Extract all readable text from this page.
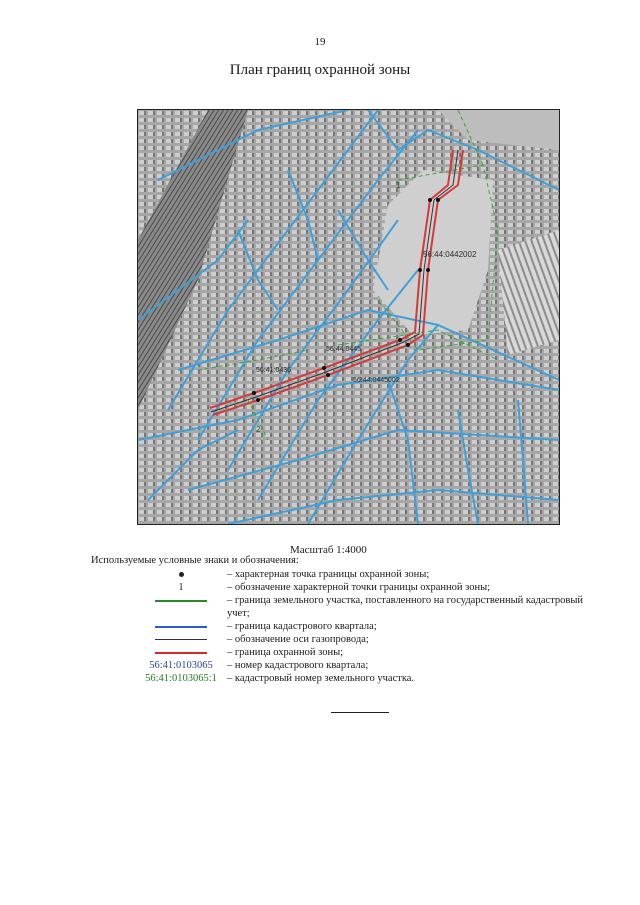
19
План границ охранной зоны
56:44:0442002
56:44:0445
56:44:0445002
56:41:0436
1
2
Масштаб 1:4000
Используемые условные знаки и обозначения:
– характерная точка границы охранной зоны;
1	– обозначение характерной точки границы охранной зоны;
– граница земельного участка, поставленного на государственный кадастровый учет;
– граница кадастрового квартала;
– обозначение оси газопровода;
– граница охранной зоны;
56:41:0103065 – номер кадастрового квартала;
56:41:0103065:1 – кадастровый номер земельного участка.
